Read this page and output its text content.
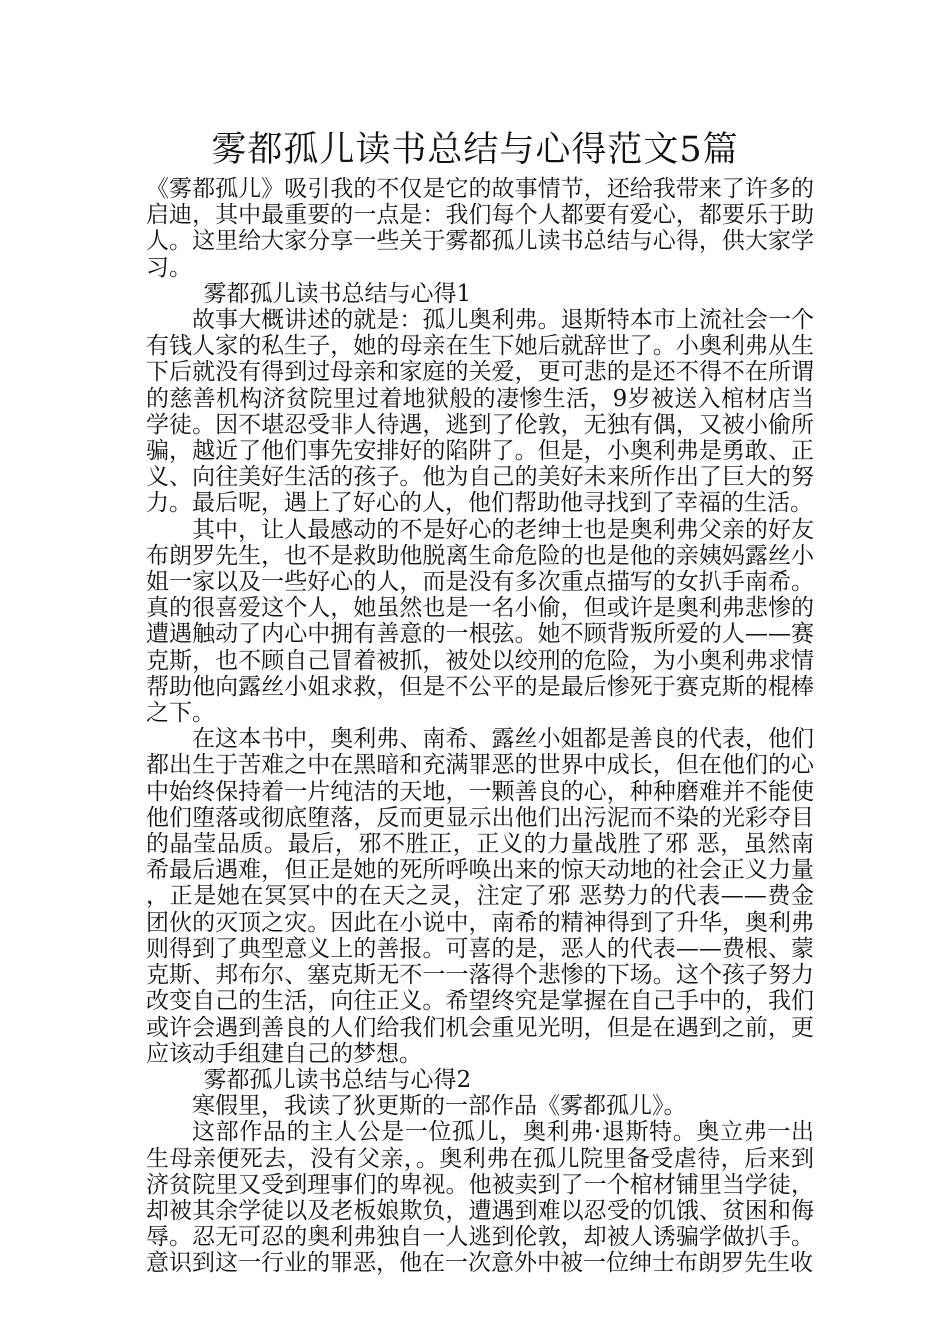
雾都孤儿读书总结与心得范文5篇

《雾都孤儿》吸引我的不仅是它的故事情节，还给我带来了许多的启迪，其中最重要的一点是：我们每个人都要有爱心，都要乐于助人。这里给大家分享一些关于雾都孤儿读书总结与心得，供大家学习。

雾都孤儿读书总结与心得1

故事大概讲述的就是：孤儿奥利弗。退斯特本市上流社会一个有钱人家的私生子，她的母亲在生下她后就辞世了。小奥利弗从生下后就没有得到过母亲和家庭的关爱，更可悲的是还不得不在所谓的慈善机构济贫院里过着地狱般的凄惨生活，9岁被送入棺材店当学徒。因不堪忍受非人待遇，逃到了伦敦，无独有偶，又被小偷所骗，越近了他们事先安排好的陷阱了。但是，小奥利弗是勇敢、正义、向往美好生活的孩子。他为自己的美好未来所作出了巨大的努力。最后呢，遇上了好心的人，他们帮助他寻找到了幸福的生活。

其中，让人最感动的不是好心的老绅士也是奥利弗父亲的好友布朗罗先生，也不是救助他脱离生命危险的也是他的亲姨妈露丝小姐一家以及一些好心的人，而是没有多次重点描写的女扒手南希。真的很喜爱这个人，她虽然也是一名小偷，但或许是奥利弗悲惨的遭遇触动了内心中拥有善意的一根弦。她不顾背叛所爱的人——赛克斯，也不顾自己冒着被抓，被处以绞刑的危险，为小奥利弗求情帮助他向露丝小姐求救，但是不公平的是最后惨死于赛克斯的棍棒之下。

在这本书中，奥利弗、南希、露丝小姐都是善良的代表，他们都出生于苦难之中在黑暗和充满罪恶的世界中成长，但在他们的心中始终保持着一片纯洁的天地，一颗善良的心，种种磨难并不能使他们堕落或彻底堕落，反而更显示出他们出污泥而不染的光彩夺目的晶莹品质。最后，邪不胜正，正义的力量战胜了邪 恶，虽然南希最后遇难，但正是她的死所呼唤出来的惊天动地的社会正义力量，正是她在冥冥中的在天之灵，注定了邪 恶势力的代表——费金团伙的灭顶之灾。因此在小说中，南希的精神得到了升华，奥利弗则得到了典型意义上的善报。可喜的是，恶人的代表——费根、蒙克斯、邦布尔、塞克斯无不一一落得个悲惨的下场。这个孩子努力改变自己的生活，向往正义。希望终究是掌握在自己手中的，我们或许会遇到善良的人们给我们机会重见光明，但是在遇到之前，更应该动手组建自己的梦想。

雾都孤儿读书总结与心得2

寒假里，我读了狄更斯的一部作品《雾都孤儿》。

这部作品的主人公是一位孤儿，奥利弗·退斯特。奥立弗一出生母亲便死去，没有父亲，。奥利弗在孤儿院里备受虐待，后来到济贫院里又受到理事们的卑视。他被卖到了一个棺材铺里当学徒，却被其余学徒以及老板娘欺负，遭遇到难以忍受的饥饿、贫困和侮辱。忍无可忍的奥利弗独自一人逃到伦敦，却被人诱骗学做扒手。意识到这一行业的罪恶，他在一次意外中被一位绅士布朗罗先生收
